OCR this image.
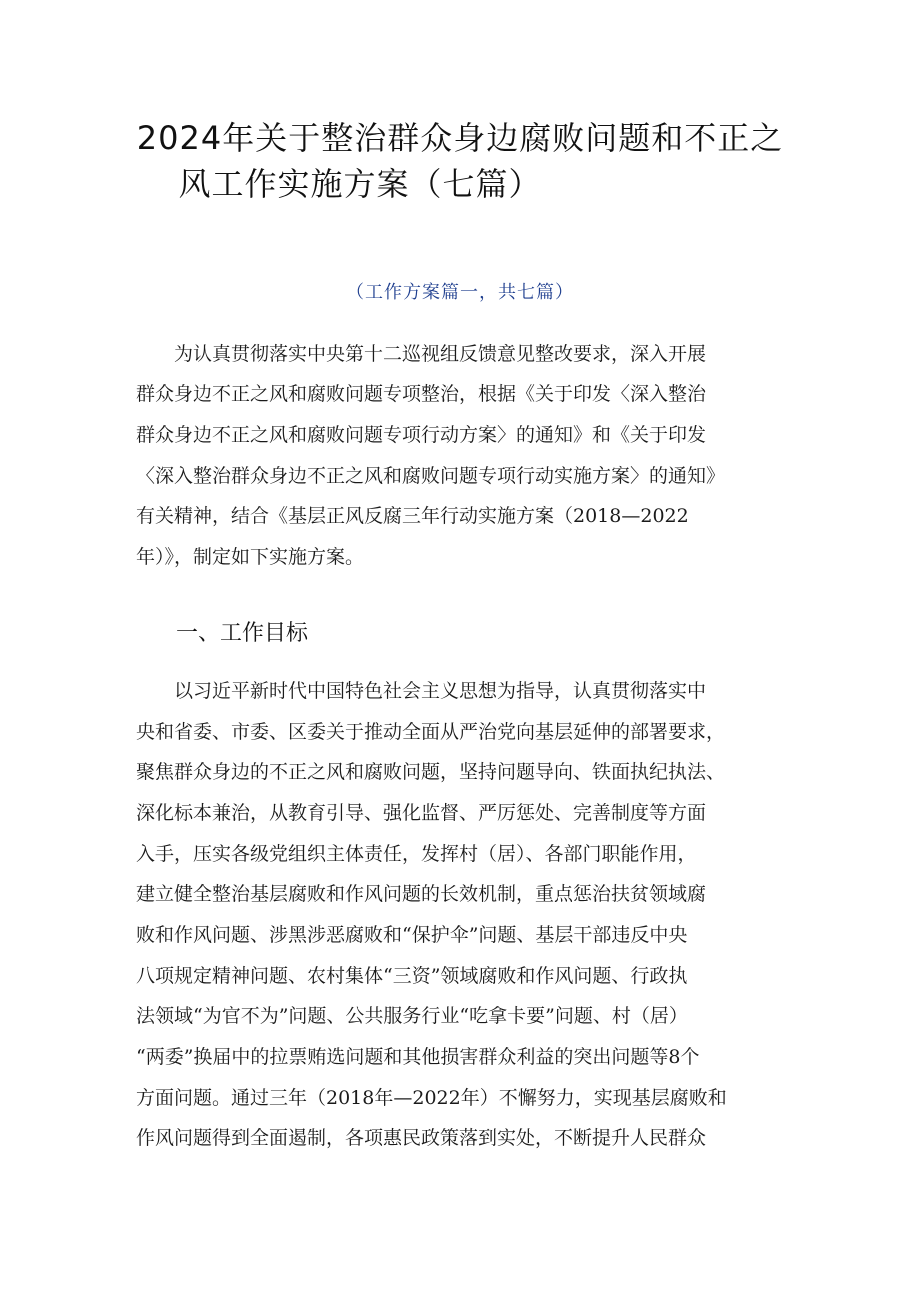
2024年关于整治群众身边腐败问题和不正之
风工作实施方案（七篇）
（工作方案篇一，共七篇）
　　为认真贯彻落实中央第十二巡视组反馈意见整改要求，深入开展
群众身边不正之风和腐败问题专项整治，根据《关于印发〈深入整治
群众身边不正之风和腐败问题专项行动方案〉的通知》和《关于印发
〈深入整治群众身边不正之风和腐败问题专项行动实施方案〉的通知》
有关精神，结合《基层正风反腐三年行动实施方案（2018—2022
年）》，制定如下实施方案。
一、工作目标
　　以习近平新时代中国特色社会主义思想为指导，认真贯彻落实中
央和省委、市委、区委关于推动全面从严治党向基层延伸的部署要求，
聚焦群众身边的不正之风和腐败问题，坚持问题导向、铁面执纪执法、
深化标本兼治，从教育引导、强化监督、严厉惩处、完善制度等方面
入手，压实各级党组织主体责任，发挥村（居）、各部门职能作用，
建立健全整治基层腐败和作风问题的长效机制，重点惩治扶贫领域腐
败和作风问题、涉黑涉恶腐败和“保护伞”问题、基层干部违反中央
八项规定精神问题、农村集体“三资”领域腐败和作风问题、行政执
法领域“为官不为”问题、公共服务行业“吃拿卡要”问题、村（居）
“两委”换届中的拉票贿选问题和其他损害群众利益的突出问题等8个
方面问题。通过三年（2018年—2022年）不懈努力，实现基层腐败和
作风问题得到全面遏制，各项惠民政策落到实处，不断提升人民群众
